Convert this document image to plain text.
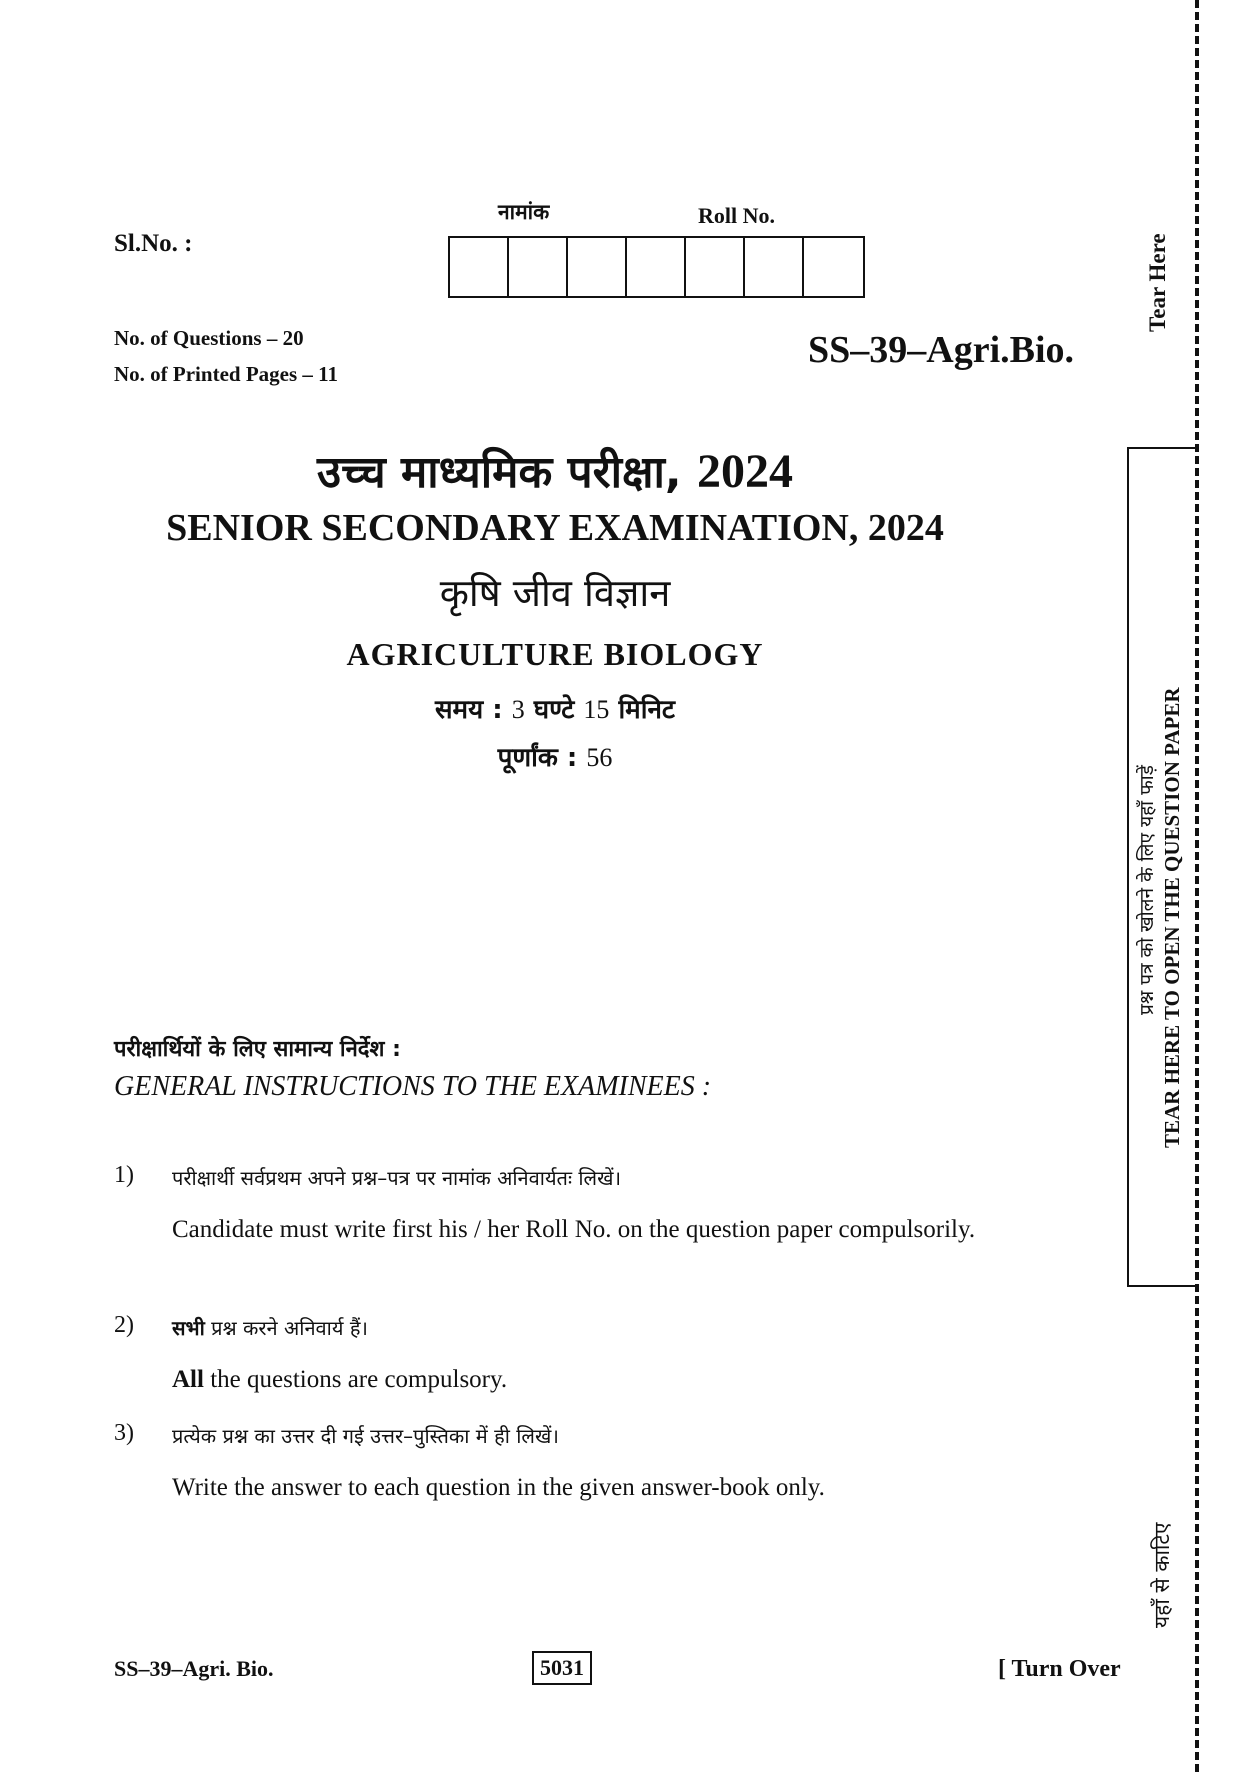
Sl.No. :
नामांक	Roll No.
No. of Questions – 20
No. of Printed Pages – 11
SS–39–Agri.Bio.
उच्च माध्यमिक परीक्षा, 2024
SENIOR SECONDARY EXAMINATION, 2024
कृषि जीव विज्ञान
AGRICULTURE BIOLOGY
समय : 3 घण्टे 15 मिनिट
पूर्णांक : 56
परीक्षार्थियों के लिए सामान्य निर्देश :
GENERAL INSTRUCTIONS TO THE EXAMINEES :
1) परीक्षार्थी सर्वप्रथम अपने प्रश्न–पत्र पर नामांक अनिवार्यतः लिखें।
Candidate must write first his / her Roll No. on the question paper compulsorily.
2) सभी प्रश्न करने अनिवार्य हैं।
All the questions are compulsory.
3) प्रत्येक प्रश्न का उत्तर दी गई उत्तर–पुस्तिका में ही लिखें।
Write the answer to each question in the given answer-book only.
SS–39–Agri. Bio.	5031	[ Turn Over
Tear Here
प्रश्न पत्र को खोलने के लिए यहाँ फाड़ें TEAR HERE TO OPEN THE QUESTION PAPER
यहाँ से काटिए
